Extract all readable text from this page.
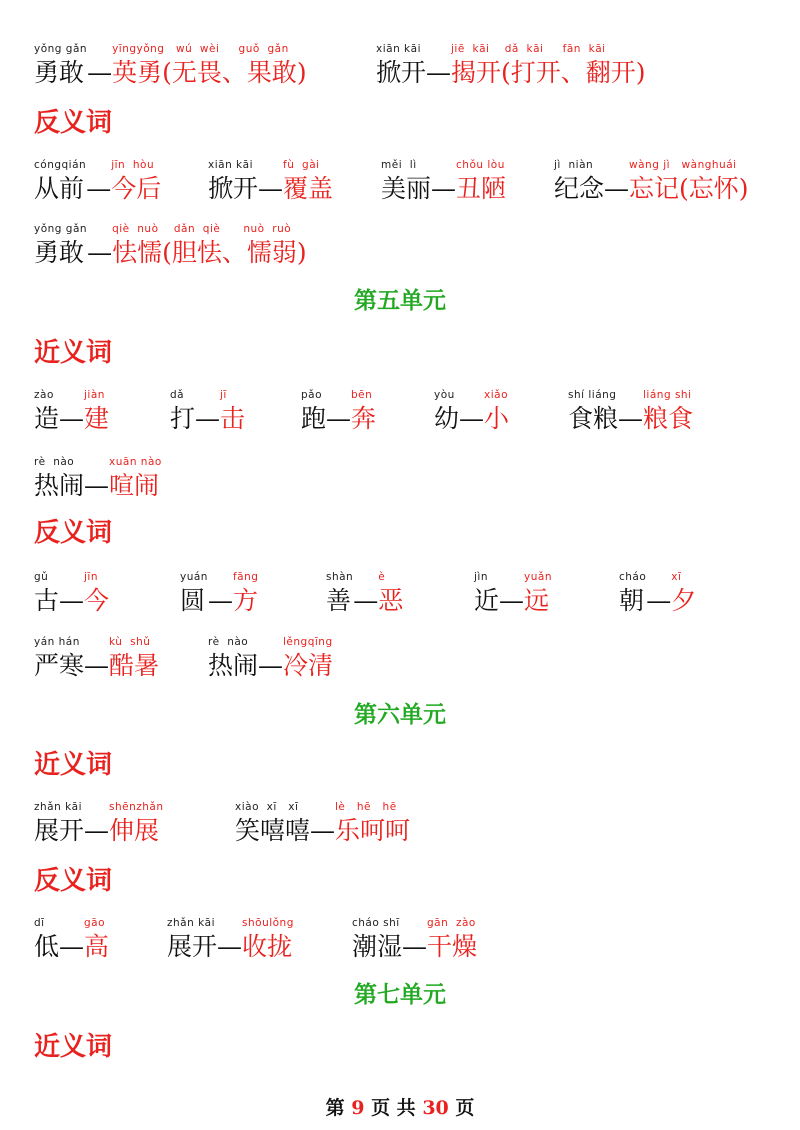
yǒng gǎn
勇敢 —
yīngyǒng   wú  wèi     guǒ  gǎn
英勇(无畏、果敢)
xiān kāi
掀开 —
jiē  kāi    dǎ  kāi     fān  kāi
揭开(打开、翻开)
cóngqián
从前 —
jīn  hòu
今后
xiān kāi
掀开 —
fù  gài
覆盖
měi  lì
美丽 —
chǒu lòu
丑陋
jì  niàn
纪念 —
wàng jì   wànghuái
忘记(忘怀)
yǒng gǎn
勇敢 —
qiè  nuò    dǎn  qiè      nuò  ruò
怯懦(胆怯、懦弱)
zào
造 —
jiàn
建
dǎ
打 —
jī
击
pǎo
跑 —
bēn
奔
yòu
幼 —
xiǎo
小
shí liáng
食粮 —
liáng shi
粮食
rè  nào
热闹 —
xuān nào
喧闹
gǔ
古 —
jīn
今
yuán
圆 —
fāng
方
shàn
善 —
è
恶
jìn
近 —
yuǎn
远
cháo
朝 —
xī
夕
yán hán
严寒 —
kù  shǔ
酷暑
rè  nào
热闹 —
lěngqīng
冷清
zhǎn kāi
展开 —
shēnzhǎn
伸展
xiào  xī   xī
笑嘻嘻 —
lè   hē   hē
乐呵呵
dī
低 —
gāo
高
zhǎn kāi
展开 —
shōulǒng
收拢
cháo shī
潮湿 —
gān  zào
干燥
反义词
近义词
反义词
近义词
反义词
近义词
第五单元
第六单元
第七单元
第 9 页 共 30 页
